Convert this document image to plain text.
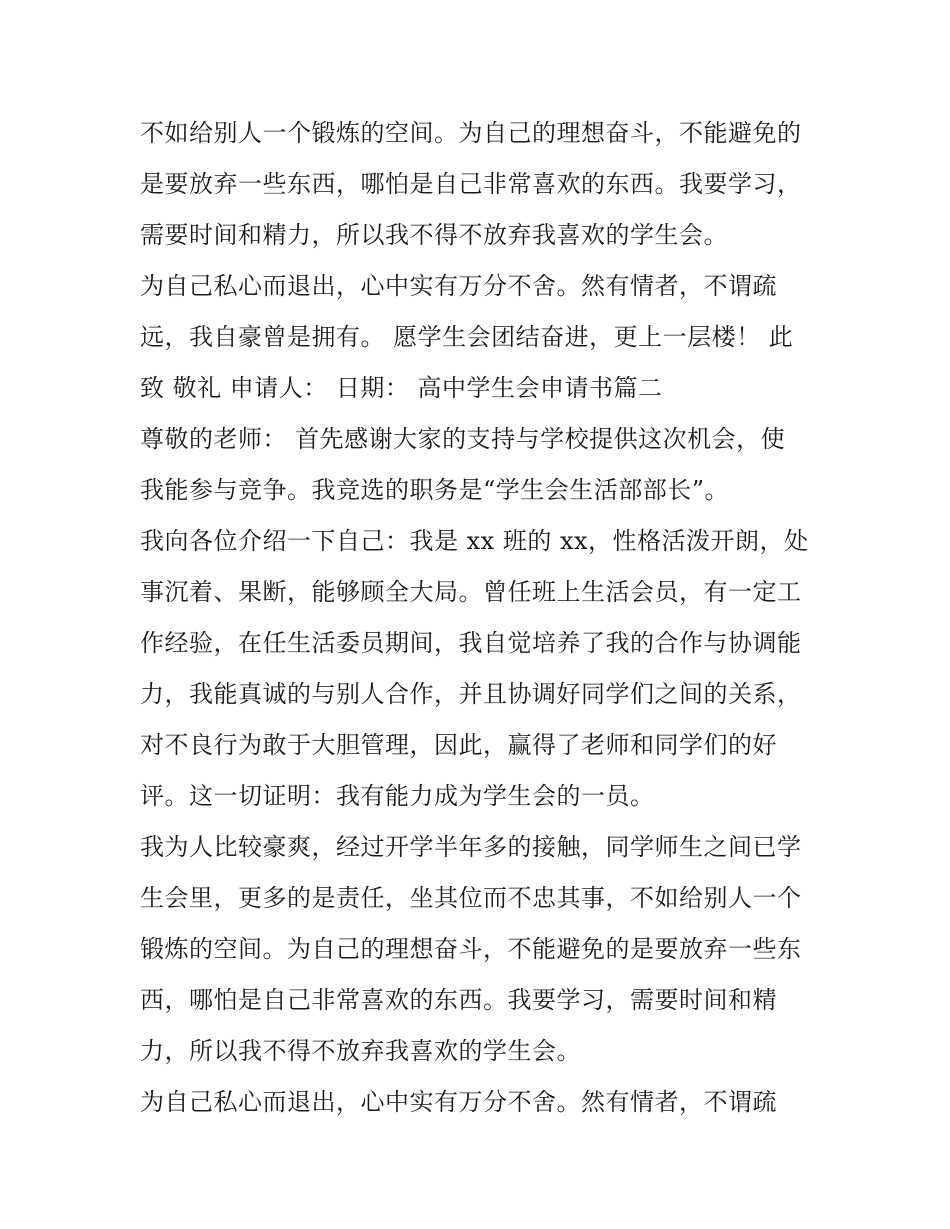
不如给别人一个锻炼的空间。为自己的理想奋斗，不能避免的
是要放弃一些东西，哪怕是自己非常喜欢的东西。我要学习，
需要时间和精力，所以我不得不放弃我喜欢的学生会。
为自己私心而退出，心中实有万分不舍。然有情者，不谓疏
远，我自豪曾是拥有。 愿学生会团结奋进，更上一层楼！ 此
致 敬礼 申请人： 日期： 高中学生会申请书篇二
尊敬的老师： 首先感谢大家的支持与学校提供这次机会，使
我能参与竞争。我竞选的职务是“学生会生活部部长”。
我向各位介绍一下自己：我是 xx 班的 xx，性格活泼开朗，处
事沉着、果断，能够顾全大局。曾任班上生活会员，有一定工
作经验，在任生活委员期间，我自觉培养了我的合作与协调能
力，我能真诚的与别人合作，并且协调好同学们之间的关系，
对不良行为敢于大胆管理，因此，赢得了老师和同学们的好
评。这一切证明：我有能力成为学生会的一员。
我为人比较豪爽，经过开学半年多的接触，同学师生之间已学
生会里，更多的是责任，坐其位而不忠其事，不如给别人一个
锻炼的空间。为自己的理想奋斗，不能避免的是要放弃一些东
西，哪怕是自己非常喜欢的东西。我要学习，需要时间和精
力，所以我不得不放弃我喜欢的学生会。
为自己私心而退出，心中实有万分不舍。然有情者，不谓疏
